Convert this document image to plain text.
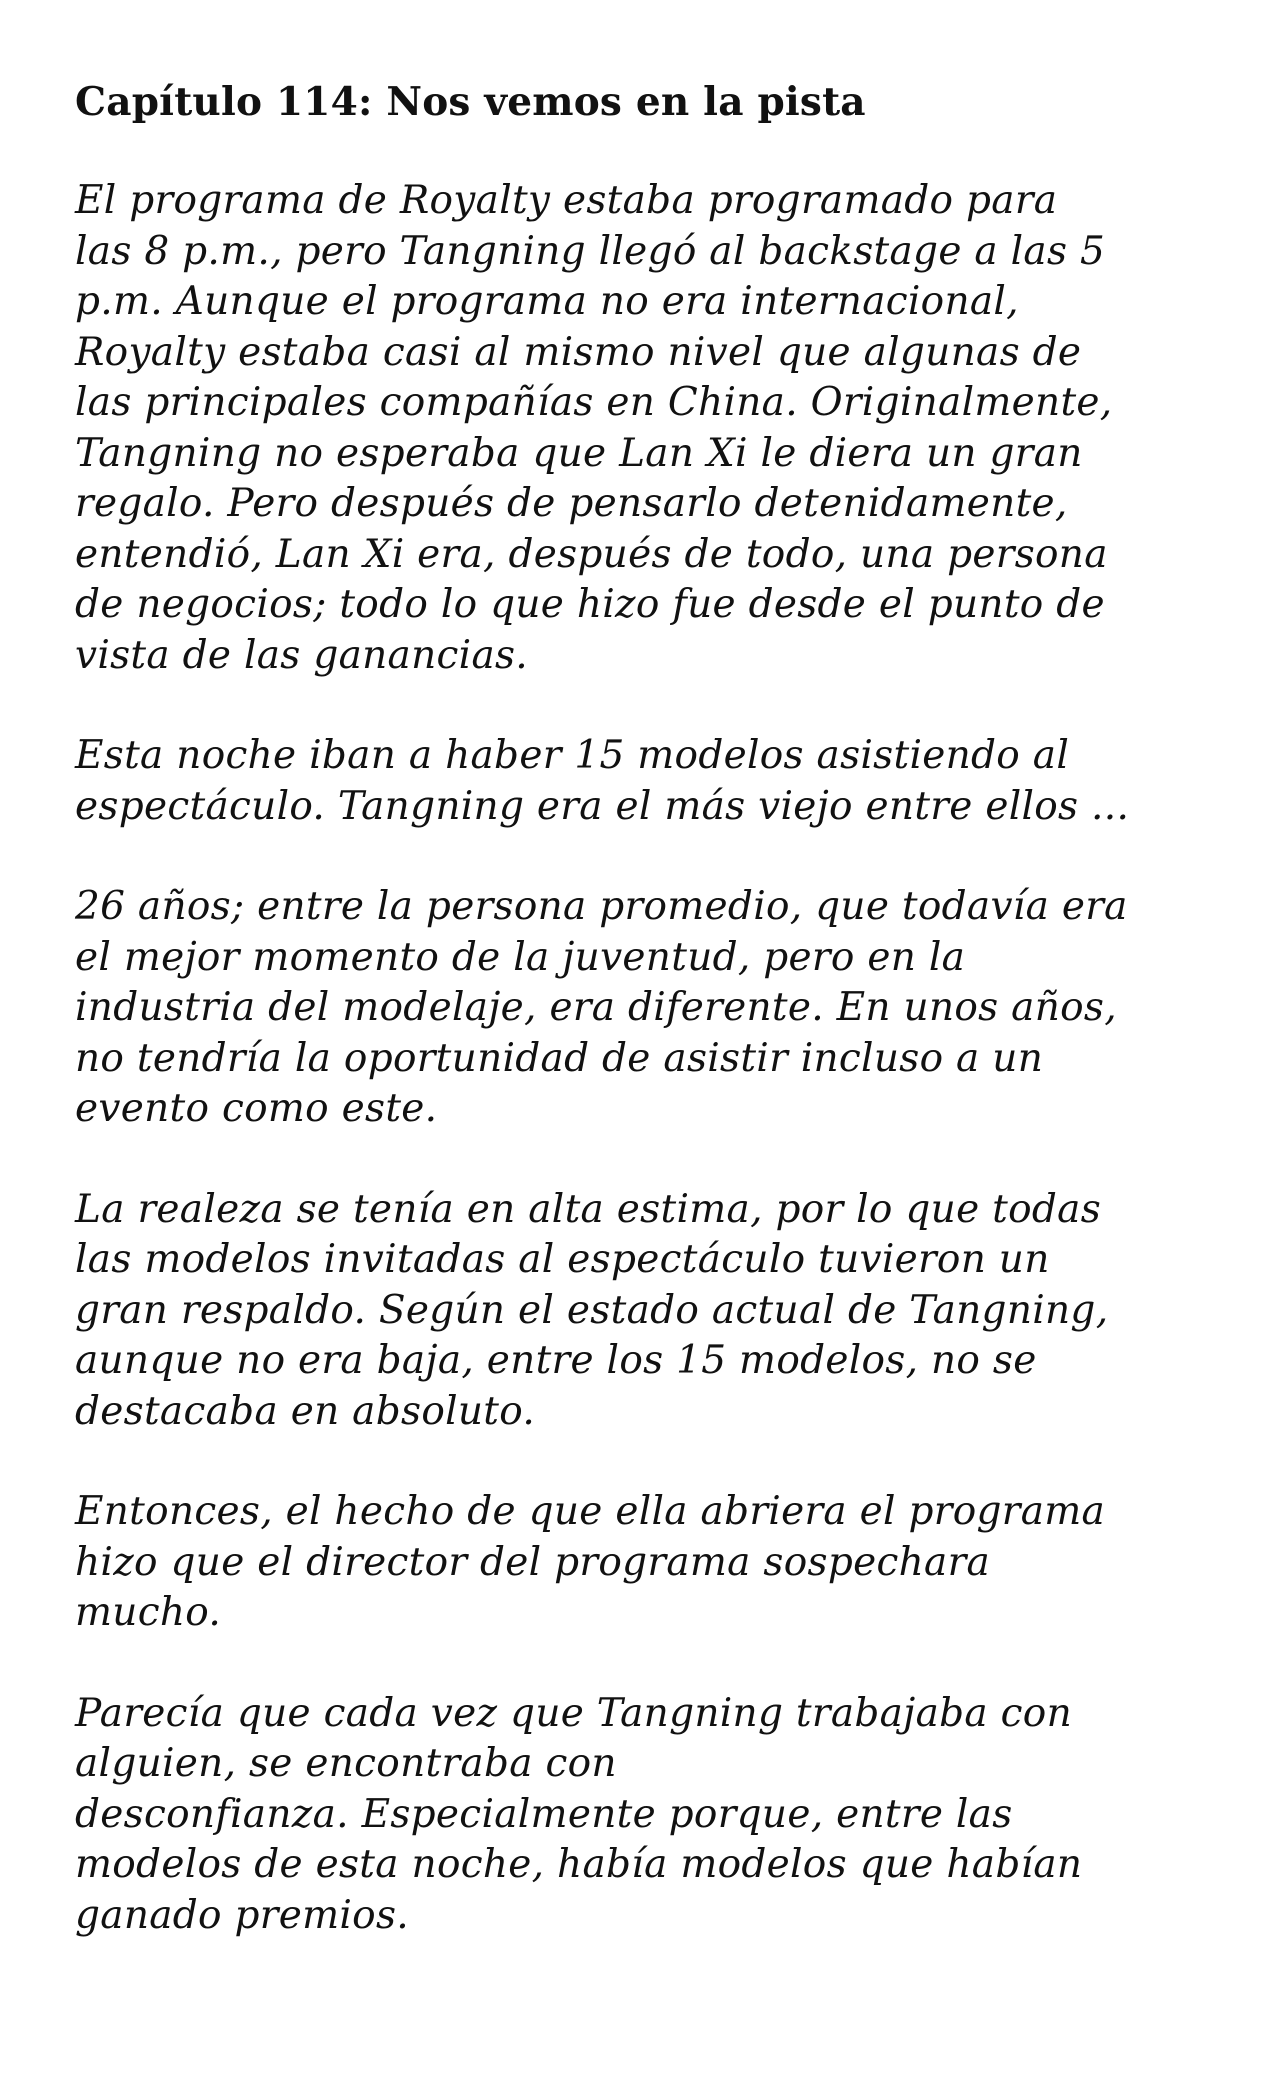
Capítulo 114: Nos vemos en la pista

El programa de Royalty estaba programado para
las 8 p.m., pero Tangning llegó al backstage a las 5
p.m. Aunque el programa no era internacional,
Royalty estaba casi al mismo nivel que algunas de
las principales compañías en China. Originalmente,
Tangning no esperaba que Lan Xi le diera un gran
regalo. Pero después de pensarlo detenidamente,
entendió, Lan Xi era, después de todo, una persona
de negocios; todo lo que hizo fue desde el punto de
vista de las ganancias.

Esta noche iban a haber 15 modelos asistiendo al
espectáculo. Tangning era el más viejo entre ellos ...

26 años; entre la persona promedio, que todavía era
el mejor momento de la juventud, pero en la
industria del modelaje, era diferente. En unos años,
no tendría la oportunidad de asistir incluso a un
evento como este.

La realeza se tenía en alta estima, por lo que todas
las modelos invitadas al espectáculo tuvieron un
gran respaldo. Según el estado actual de Tangning,
aunque no era baja, entre los 15 modelos, no se
destacaba en absoluto.

Entonces, el hecho de que ella abriera el programa
hizo que el director del programa sospechara
mucho.

Parecía que cada vez que Tangning trabajaba con
alguien, se encontraba con
desconfianza. Especialmente porque, entre las
modelos de esta noche, había modelos que habían
ganado premios.
